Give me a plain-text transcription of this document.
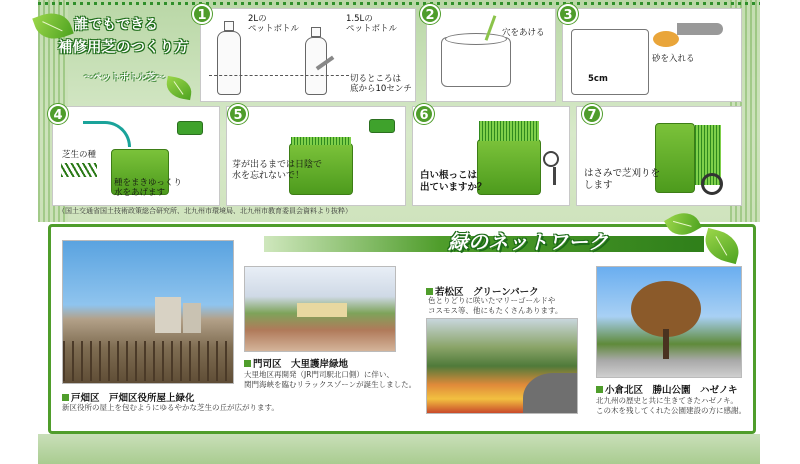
誰でもできる
補修用芝のつくり方
〜ペットボトル芝〜
1	2Lの
ペットボトル
1.5Lの
ペットボトル
切るところは
底から10センチ
2
穴をあける
3
5cm
砂を入れる
4
芝生の種
種をまきゆっくり
水をあげます
5
芽が出るまでは日陰で
水を忘れないで！
6
白い根っこは
出ていますか？
7
はさみで芝刈りを
します
（国土交通省国土技術政策総合研究所、北九州市環境局、北九州市教育委員会資料より抜粋）
緑のネットワーク
戸畑区　戸畑区役所屋上緑化
新区役所の屋上を包むようにゆるやかな芝生の丘が広がります。
門司区　大里護岸緑地
大里地区再開発（JR門司駅北口側）に伴い、
関門海峡を臨むリラックスゾーンが誕生しました。
若松区　グリーンパーク
色とりどりに咲いたマリーゴールドや
コスモス等、他にもたくさんあります。
小倉北区　勝山公園　ハゼノキ
北九州の歴史と共に生きてきたハゼノキ。
この木を残してくれた公園建設の方に感謝。
